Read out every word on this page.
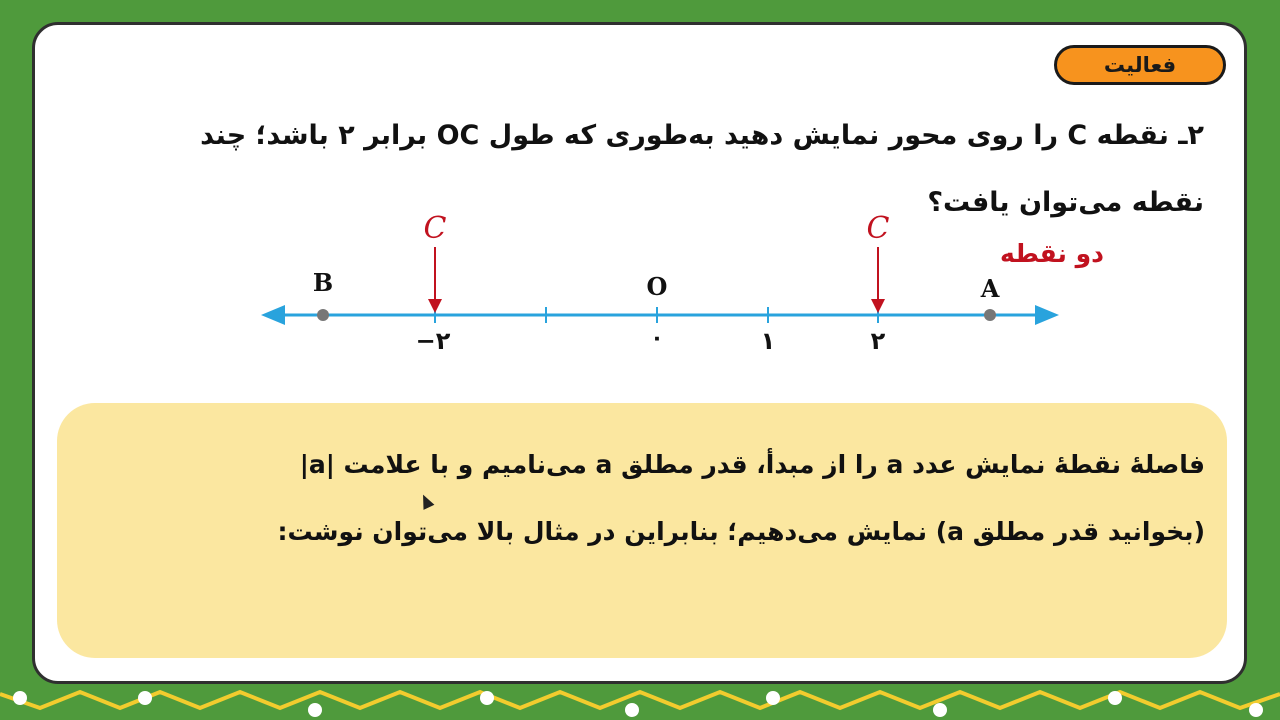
فعالیت
۲ـ نقطه C را روی محور نمایش دهید به‌طوری که طول OC برابر ۲ باشد؛ چند
نقطه می‌توان یافت؟
دو نقطه
B	O	A
C	C
−۲	۰	۱	۲
فاصلهٔ نقطهٔ نمایش عدد a را از مبدأ، قدر مطلق a می‌نامیم و با علامت |a|
(بخوانید قدر مطلق a) نمایش می‌دهیم؛ بنابراین در مثال بالا می‌توان نوشت:
